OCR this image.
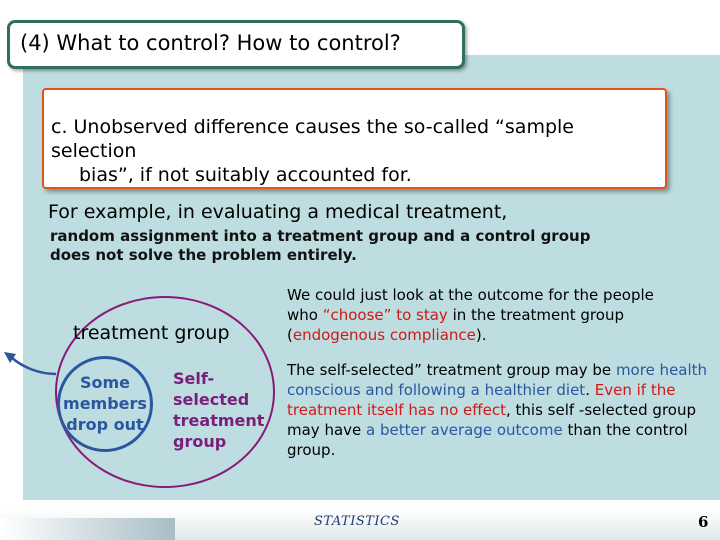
(4) What to control? How to control?
c. Unobserved difference causes the so-called “sample selection
bias”, if not suitably accounted for.
For example, in evaluating a medical treatment,
random assignment into a treatment group and a control group
does not solve the problem entirely.
treatment group
Some
members
drop out
Self-
selected
treatment
group
We could just look at the outcome for the people
who “choose” to stay in the treatment group
(endogenous compliance).
The self-selected” treatment group may be more health conscious and following a healthier diet. Even if the treatment itself has no effect, this self -selected group may have a better average outcome than the control group.
STATISTICS	6
